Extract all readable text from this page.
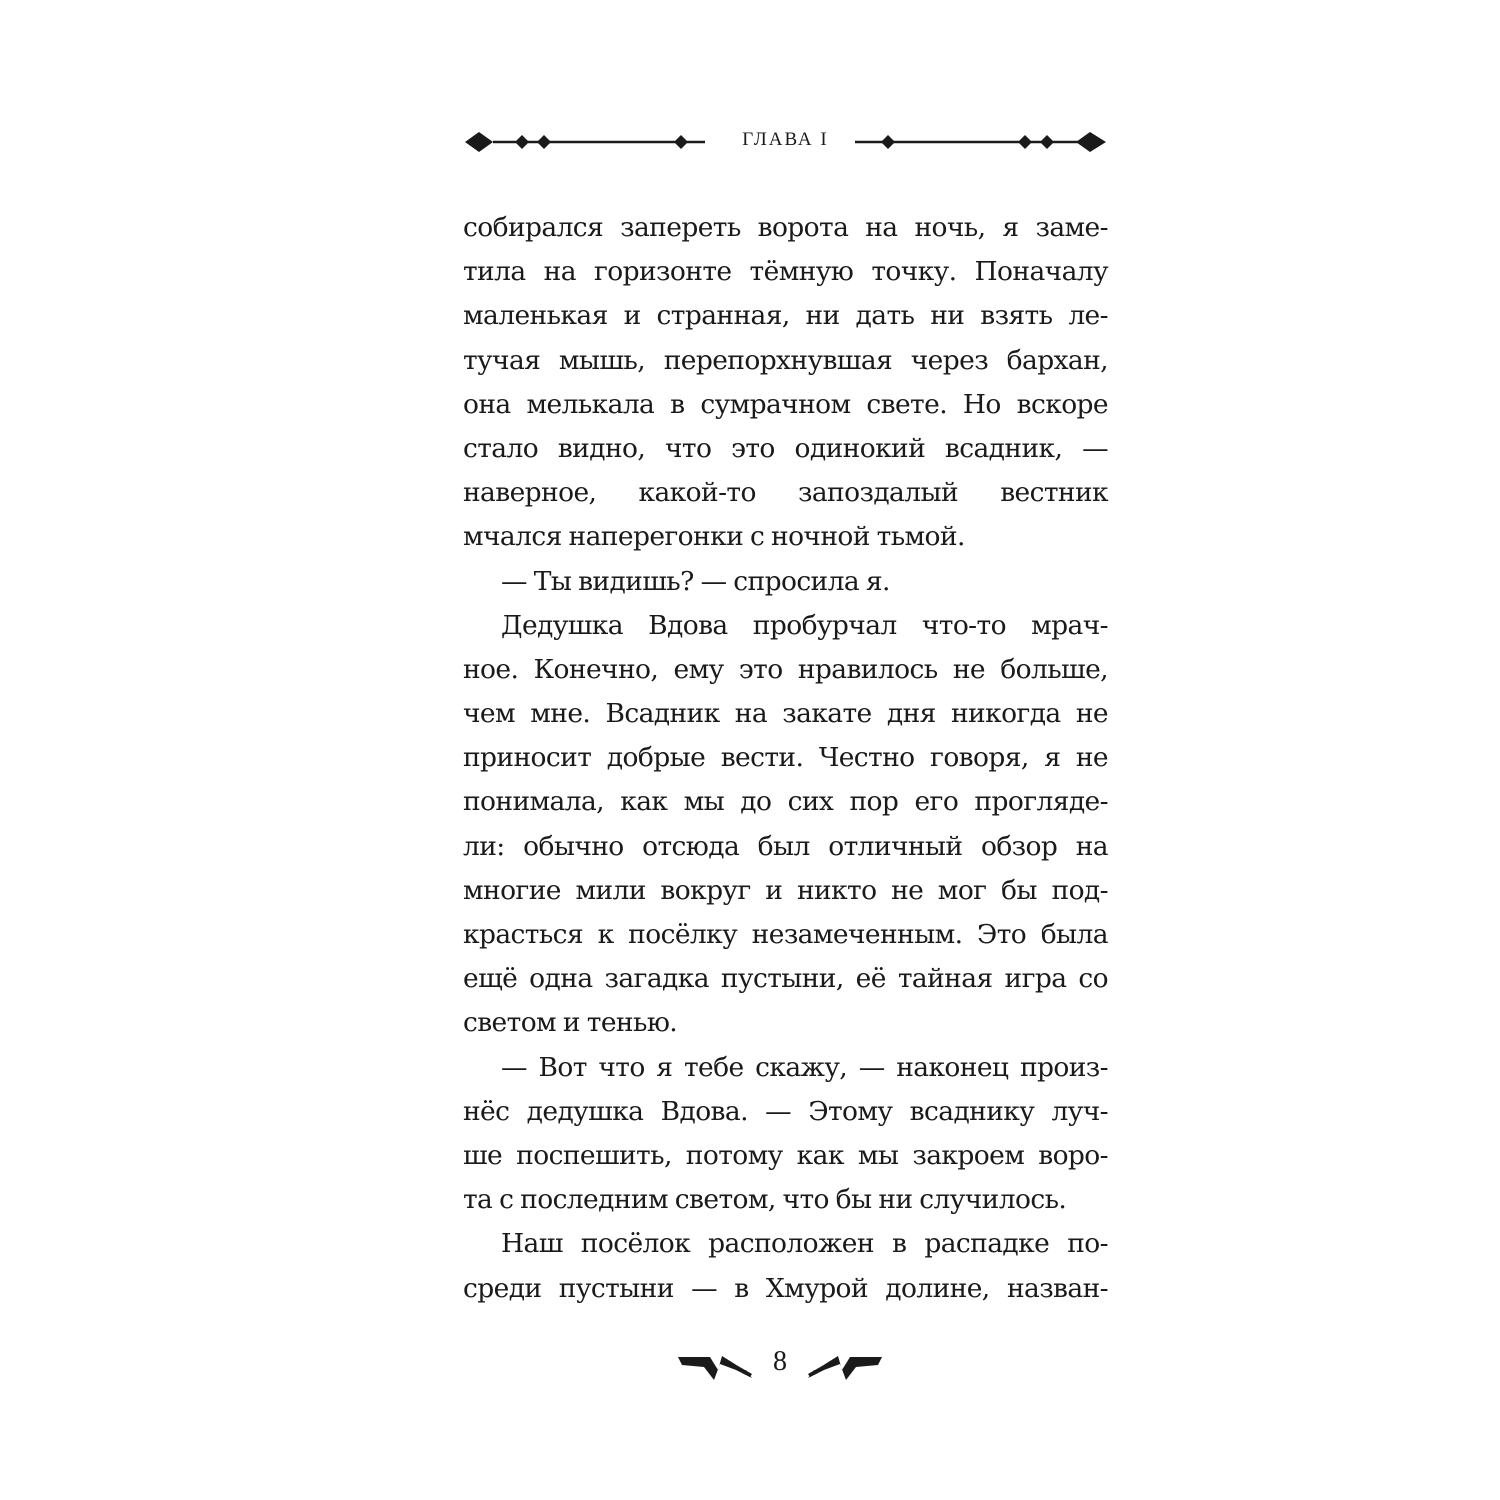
ГЛАВА I
собирался запереть ворота на ночь, я заме-
тила на горизонте тёмную точку. Поначалу
маленькая и странная, ни дать ни взять ле-
тучая мышь, перепорхнувшая через бархан,
она мелькала в сумрачном свете. Но вскоре
стало видно, что это одинокий всадник, —
наверное, какой-то запоздалый вестник
мчался наперегонки с ночной тьмой.
— Ты видишь? — спросила я.
Дедушка Вдова пробурчал что-то мрач-
ное. Конечно, ему это нравилось не больше,
чем мне. Всадник на закате дня никогда не
приносит добрые вести. Честно говоря, я не
понимала, как мы до сих пор его прогляде-
ли: обычно отсюда был отличный обзор на
многие мили вокруг и никто не мог бы под-
красться к посёлку незамеченным. Это была
ещё одна загадка пустыни, её тайная игра со
светом и тенью.
— Вот что я тебе скажу, — наконец произ-
нёс дедушка Вдова. — Этому всаднику луч-
ше поспешить, потому как мы закроем воро-
та с последним светом, что бы ни случилось.
Наш посёлок расположен в распадке по-
среди пустыни — в Хмурой долине, назван-
8
